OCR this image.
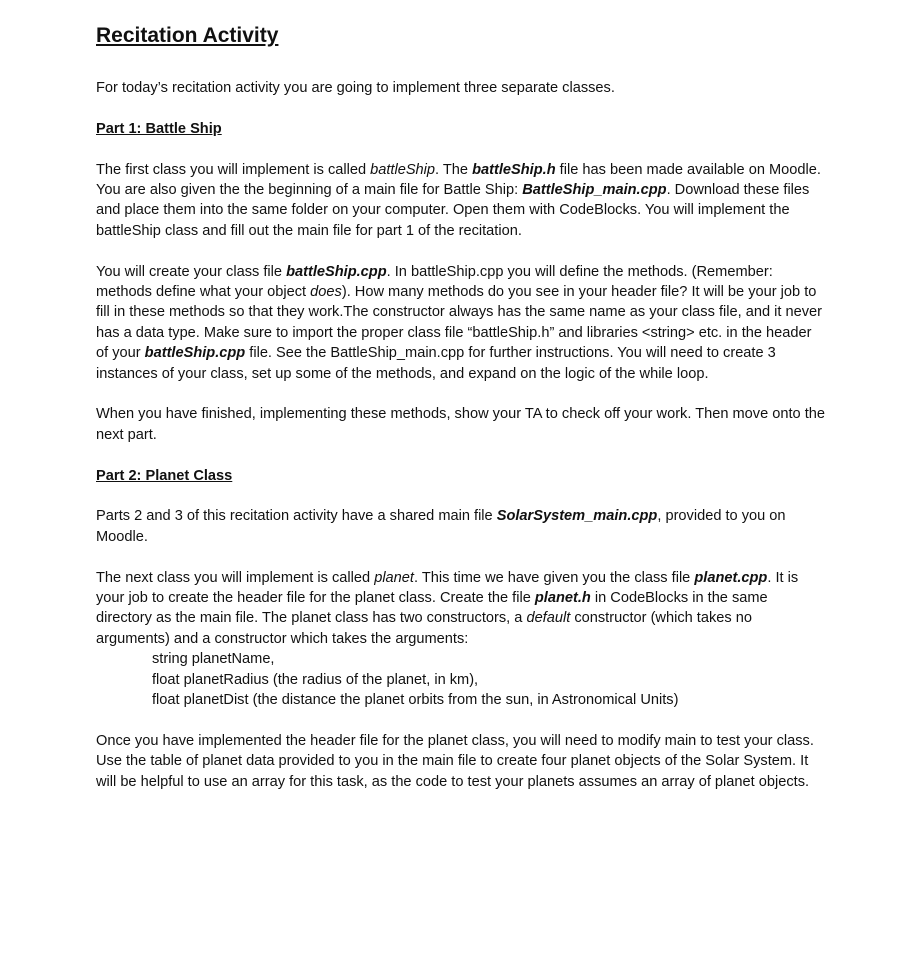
Recitation Activity

For today’s recitation activity you are going to implement three separate classes.

Part 1: Battle Ship

The first class you will implement is called battleShip. The battleShip.h file has been made available on Moodle. You are also given the the beginning of a main file for Battle Ship: BattleShip_main.cpp. Download these files and place them into the same folder on your computer. Open them with CodeBlocks. You will implement the battleShip class and fill out the main file for part 1 of the recitation.

You will create your class file battleShip.cpp. In battleShip.cpp you will define the methods. (Remember: methods define what your object does). How many methods do you see in your header file? It will be your job to fill in these methods so that they work.The constructor always has the same name as your class file, and it never has a data type. Make sure to import the proper class file “battleShip.h” and libraries <string> etc. in the header of your battleShip.cpp file. See the BattleShip_main.cpp for further instructions. You will need to create 3 instances of your class, set up some of the methods, and expand on the logic of the while loop.

When you have finished, implementing these methods, show your TA to check off your work. Then move onto the next part.

Part 2: Planet Class

Parts 2 and 3 of this recitation activity have a shared main file SolarSystem_main.cpp, provided to you on Moodle.

The next class you will implement is called planet. This time we have given you the class file planet.cpp. It is your job to create the header file for the planet class. Create the file planet.h in CodeBlocks in the same directory as the main file. The planet class has two constructors, a default constructor (which takes no arguments) and a constructor which takes the arguments:

string planetName,

float planetRadius (the radius of the planet, in km),

float planetDist (the distance the planet orbits from the sun, in Astronomical Units)

Once you have implemented the header file for the planet class, you will need to modify main to test your class. Use the table of planet data provided to you in the main file to create four planet objects of the Solar System. It will be helpful to use an array for this task, as the code to test your planets assumes an array of planet objects.
